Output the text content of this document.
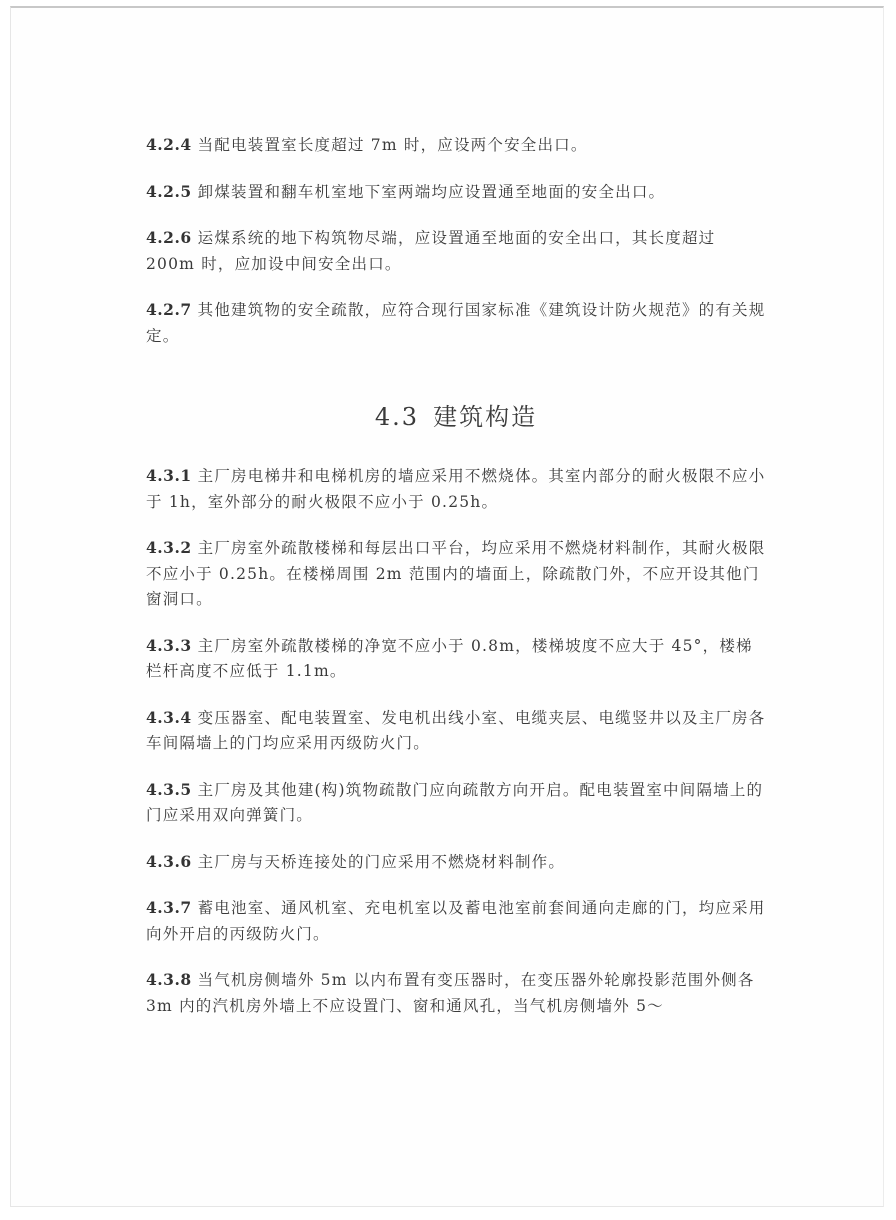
4.2.4 当配电装置室长度超过 7m 时，应设两个安全出口。

4.2.5 卸煤装置和翻车机室地下室两端均应设置通至地面的安全出口。

4.2.6 运煤系统的地下构筑物尽端，应设置通至地面的安全出口，其长度超过 200m 时，应加设中间安全出口。

4.2.7 其他建筑物的安全疏散，应符合现行国家标准《建筑设计防火规范》的有关规定。

4.3 建筑构造

4.3.1 主厂房电梯井和电梯机房的墙应采用不燃烧体。其室内部分的耐火极限不应小于 1h，室外部分的耐火极限不应小于 0.25h。

4.3.2 主厂房室外疏散楼梯和每层出口平台，均应采用不燃烧材料制作，其耐火极限不应小于 0.25h。在楼梯周围 2m 范围内的墙面上，除疏散门外，不应开设其他门窗洞口。

4.3.3 主厂房室外疏散楼梯的净宽不应小于 0.8m，楼梯坡度不应大于 45°，楼梯栏杆高度不应低于 1.1m。

4.3.4 变压器室、配电装置室、发电机出线小室、电缆夹层、电缆竖井以及主厂房各车间隔墙上的门均应采用丙级防火门。

4.3.5 主厂房及其他建(构)筑物疏散门应向疏散方向开启。配电装置室中间隔墙上的门应采用双向弹簧门。

4.3.6 主厂房与天桥连接处的门应采用不燃烧材料制作。

4.3.7 蓄电池室、通风机室、充电机室以及蓄电池室前套间通向走廊的门，均应采用向外开启的丙级防火门。

4.3.8 当气机房侧墙外 5m 以内布置有变压器时，在变压器外轮廓投影范围外侧各 3m 内的汽机房外墙上不应设置门、窗和通风孔，当气机房侧墙外 5～
